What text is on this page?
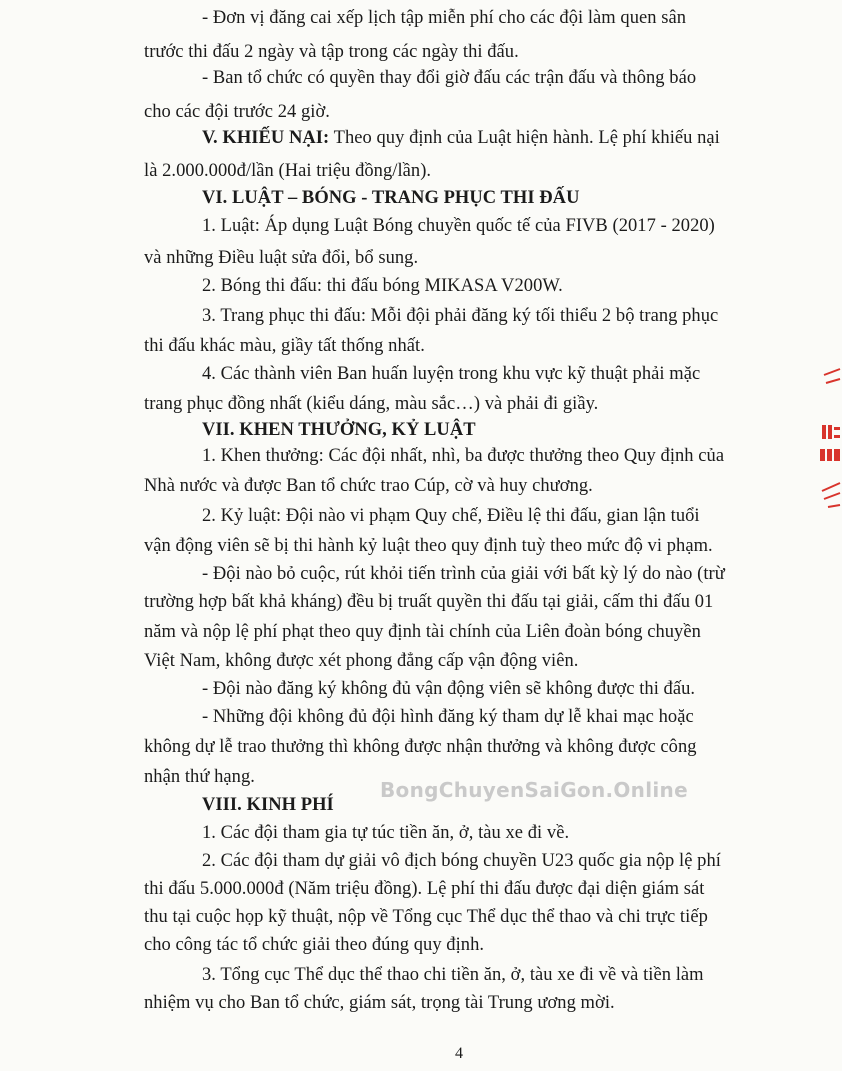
- Đơn vị đăng cai xếp lịch tập miễn phí cho các đội làm quen sân

trước thi đấu 2 ngày và tập trong các ngày thi đấu.

- Ban tổ chức có quyền thay đổi giờ đấu các trận đấu và thông báo

cho các đội trước 24 giờ.

V. KHIẾU NẠI: Theo quy định của Luật hiện hành. Lệ phí khiếu nại

là 2.000.000đ/lần (Hai triệu đồng/lần).

VI. LUẬT – BÓNG - TRANG PHỤC THI ĐẤU

1. Luật: Áp dụng Luật Bóng chuyền quốc tế của FIVB (2017 - 2020)

và những Điều luật sửa đổi, bổ sung.

2. Bóng thi đấu: thi đấu bóng MIKASA V200W.

3. Trang phục thi đấu: Mỗi đội phải đăng ký tối thiểu 2 bộ trang phục

thi đấu khác màu, giầy tất thống nhất.

4. Các thành viên Ban huấn luyện trong khu vực kỹ thuật phải mặc

trang phục đồng nhất (kiểu dáng, màu sắc…) và phải đi giầy.

VII. KHEN THƯỞNG, KỶ LUẬT

1. Khen thưởng: Các đội nhất, nhì, ba được thưởng theo Quy định của

Nhà nước và được Ban tổ chức trao Cúp, cờ và huy chương.

2. Kỷ luật: Đội nào vi phạm Quy chế, Điều lệ thi đấu, gian lận tuổi

vận động viên sẽ bị thi hành kỷ luật theo quy định tuỳ theo mức độ vi phạm.

- Đội nào bỏ cuộc, rút khỏi tiến trình của giải với bất kỳ lý do nào (trừ

trường hợp bất khả kháng) đều bị truất quyền thi đấu tại giải, cấm thi đấu 01

năm và nộp lệ phí phạt theo quy định tài chính của Liên đoàn bóng chuyền

Việt Nam, không được xét phong đẳng cấp vận động viên.

- Đội nào đăng ký không đủ vận động viên sẽ không được thi đấu.

- Những đội không đủ đội hình đăng ký tham dự lễ khai mạc hoặc

không dự lễ trao thưởng thì không được nhận thưởng và không được công

nhận thứ hạng.

VIII. KINH PHÍ

BongChuyenSaiGon.Online

1. Các đội tham gia tự túc tiền ăn, ở, tàu xe đi về.

2. Các đội tham dự giải vô địch bóng chuyền U23 quốc gia nộp lệ phí

thi đấu 5.000.000đ (Năm triệu đồng). Lệ phí thi đấu được đại diện giám sát

thu tại cuộc họp kỹ thuật, nộp về Tổng cục Thể dục thể thao và chi trực tiếp

cho công tác tổ chức giải theo đúng quy định.

3. Tổng cục Thể dục thể thao chi tiền ăn, ở, tàu xe đi về và tiền làm

nhiệm vụ cho Ban tổ chức, giám sát, trọng tài Trung ương mời.

4
